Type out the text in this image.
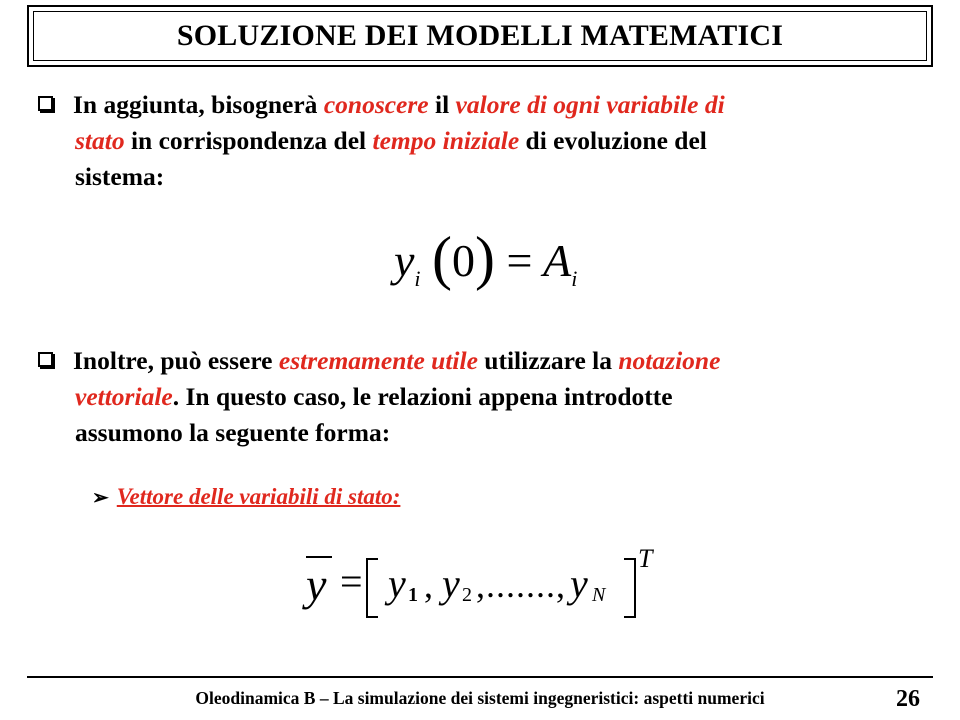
SOLUZIONE DEI MODELLI MATEMATICI
In aggiunta, bisognerà conoscere il valore di ogni variabile di
stato in corrispondenza del tempo iniziale di evoluzione del
sistema:
$y_i$ $(0) = A_i$
Inoltre, può essere estremamente utile utilizzare la notazione
vettoriale. In questo caso, le relazioni appena introdotte
assumono la seguente forma:
➢ Vettore delle variabili di stato:
y = y 1 , y 2 ,......., y N
T
Oleodinamica B – La simulazione dei sistemi ingegneristici: aspetti numerici	26
